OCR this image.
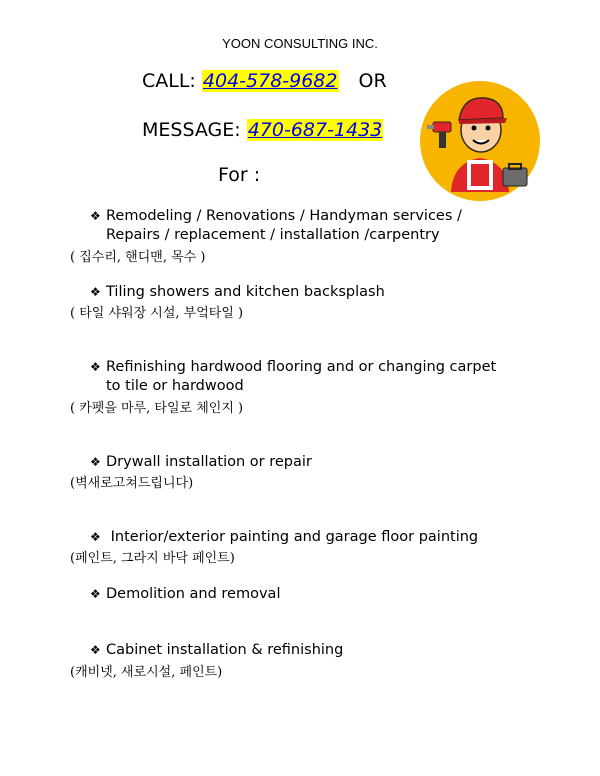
YOON CONSULTING INC.
CALL: 404-578-9682 OR
MESSAGE: 470-687-1433
For :
❖ Remodeling / Renovations / Handyman services /
Repairs / replacement / installation /carpentry
( 집수리, 핸디맨, 목수 )
❖ Tiling showers and kitchen backsplash
( 타일 샤워장 시설, 부엌타일 )
❖ Refinishing hardwood flooring and or changing carpet
to tile or hardwood
( 카펫을 마루, 타일로 체인지 )
❖ Drywall installation or repair
(벽새로고쳐드립니다)
❖ Interior/exterior painting and garage floor painting
(페인트, 그라지 바닥 페인트)
❖ Demolition and removal
❖ Cabinet installation & refinishing
(캐비넷, 새로시설, 페인트)
